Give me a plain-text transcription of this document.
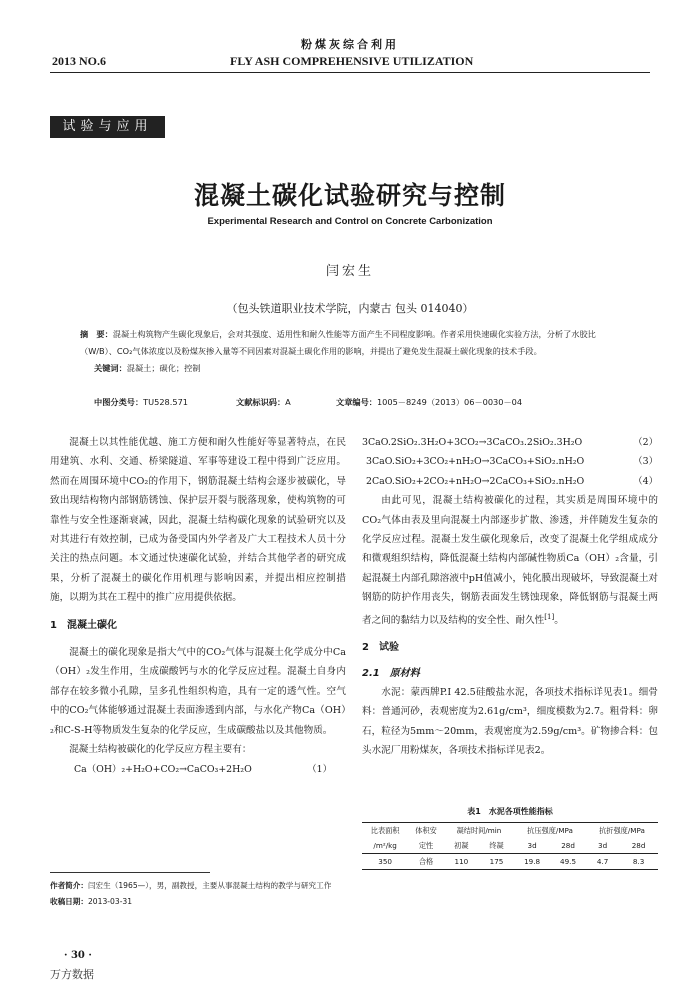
粉煤灰综合利用
2013 NO.6	FLY ASH COMPREHENSIVE UTILIZATION
试验与应用
混凝土碳化试验研究与控制
Experimental Research and Control on Concrete Carbonization
闫宏生
（包头铁道职业技术学院，内蒙古 包头 014040）
摘　要：混凝土构筑物产生碳化现象后，会对其强度、适用性和耐久性能等方面产生不同程度影响。作者采用快速碳化实验方法，分析了水胶比（W/B）、CO₂气体浓度以及粉煤灰掺入量等不同因素对混凝土碳化作用的影响，并提出了避免发生混凝土碳化现象的技术手段。
关键词：混凝土；碳化；控制
中图分类号：TU528.571	文献标识码：A	文章编号：1005－8249（2013）06－0030－04

混凝土以其性能优越、施工方便和耐久性能好等显著特点，在民用建筑、水利、交通、桥梁隧道、军事等建设工程中得到广泛应用。然而在周围环境中CO₂的作用下，钢筋混凝土结构会逐步被碳化，导致出现结构物内部钢筋锈蚀、保护层开裂与脱落现象，使构筑物的可靠性与安全性逐渐衰减，因此，混凝土结构碳化现象的试验研究以及对其进行有效控制，已成为备受国内外学者及广大工程技术人员十分关注的热点问题。本文通过快速碳化试验，并结合其他学者的研究成果，分析了混凝土的碳化作用机理与影响因素，并提出相应控制措施，以期为其在工程中的推广应用提供依据。

1　混凝土碳化

混凝土的碳化现象是指大气中的CO₂气体与混凝土化学成分中Ca（OH）₂发生作用，生成碳酸钙与水的化学反应过程。混凝土自身内部存在较多微小孔隙，呈多孔性组织构造，具有一定的透气性。空气中的CO₂气体能够通过混凝土表面渗透到内部，与水化产物Ca（OH）₂和C-S-H等物质发生复杂的化学反应，生成碳酸盐以及其他物质。

混凝土结构被碳化的化学反应方程主要有：

Ca（OH）₂+H₂O+CO₂→CaCO₃+2H₂O	（1）
作者简介：闫宏生（1965—），男，副教授，主要从事混凝土结构的教学与研究工作
收稿日期：2013-03-31
3CaO.2SiO₂.3H₂O+3CO₂→3CaCO₃.2SiO₂.3H₂O	（2）
3CaO.SiO₂+3CO₂+nH₂O→3CaCO₃+SiO₂.nH₂O	（3）
2CaO.SiO₂+2CO₂+nH₂O→2CaCO₃+SiO₂.nH₂O	（4）

由此可见，混凝土结构被碳化的过程，其实质是周围环境中的CO₂气体由表及里向混凝土内部逐步扩散、渗透，并伴随发生复杂的化学反应过程。混凝土发生碳化现象后，改变了混凝土化学组成成分和微观组织结构，降低混凝土结构内部碱性物质Ca（OH）₂含量，引起混凝土内部孔隙溶液中pH值减小，钝化膜出现破坏，导致混凝土对钢筋的防护作用丧失，钢筋表面发生锈蚀现象，降低钢筋与混凝土两者之间的黏结力以及结构的安全性、耐久性[1]。

2　试验
2.1　原材料

水泥：蒙西牌P.I 42.5硅酸盐水泥，各项技术指标详见表1。细骨料：普通河砂，表观密度为2.61g/cm³，细度模数为2.7。粗骨料：卵石，粒径为5mm～20mm，表观密度为2.59g/cm³。矿物掺合料：包头水泥厂用粉煤灰，各项技术指标详见表2。

表1　水泥各项性能指标
比表面积	体积安	凝结时间/min		抗压强度/MPa		抗折强度/MPa	
/m²/kg	定性	初凝	终凝	3d	28d	3d	28d
350	合格	110	175	19.8	49.5	4.7	8.3
· 30 ·
万方数据
